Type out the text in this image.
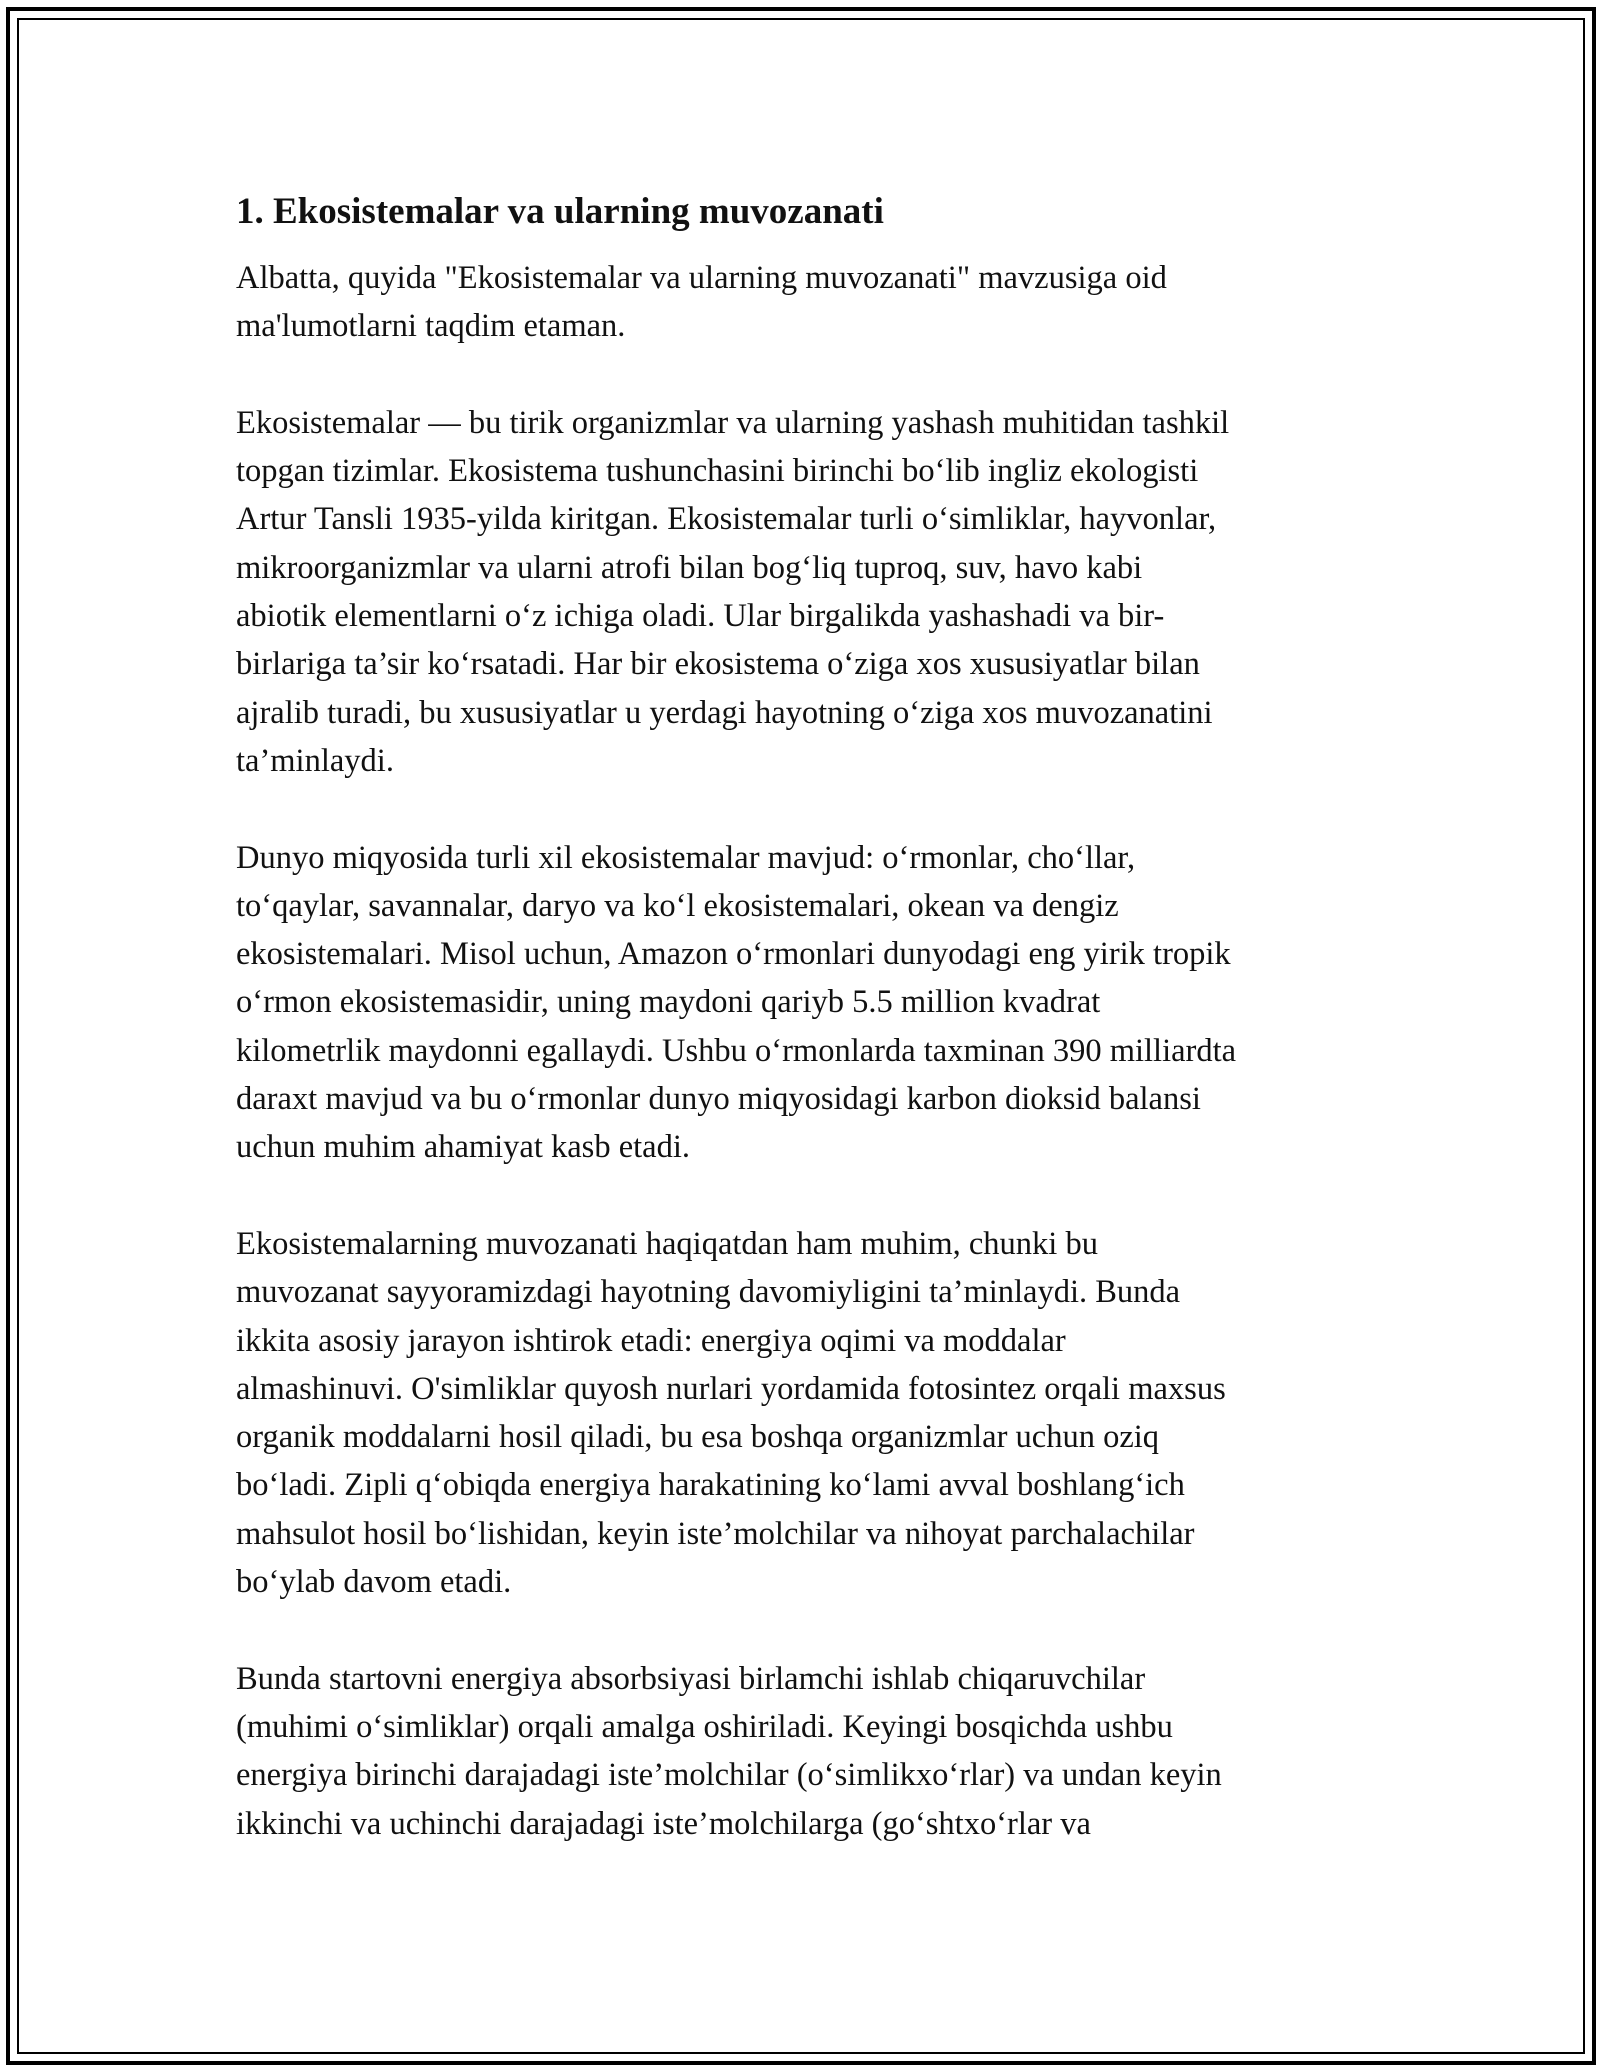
1. Ekosistemalar va ularning muvozanati

Albatta, quyida "Ekosistemalar va ularning muvozanati" mavzusiga oid
ma'lumotlarni taqdim etaman.

Ekosistemalar — bu tirik organizmlar va ularning yashash muhitidan tashkil
topgan tizimlar. Ekosistema tushunchasini birinchi bo‘lib ingliz ekologisti
Artur Tansli 1935-yilda kiritgan. Ekosistemalar turli o‘simliklar, hayvonlar,
mikroorganizmlar va ularni atrofi bilan bog‘liq tuproq, suv, havo kabi
abiotik elementlarni o‘z ichiga oladi. Ular birgalikda yashashadi va bir-
birlariga ta’sir ko‘rsatadi. Har bir ekosistema o‘ziga xos xususiyatlar bilan
ajralib turadi, bu xususiyatlar u yerdagi hayotning o‘ziga xos muvozanatini
ta’minlaydi.

Dunyo miqyosida turli xil ekosistemalar mavjud: o‘rmonlar, cho‘llar,
to‘qaylar, savannalar, daryo va ko‘l ekosistemalari, okean va dengiz
ekosistemalari. Misol uchun, Amazon o‘rmonlari dunyodagi eng yirik tropik
o‘rmon ekosistemasidir, uning maydoni qariyb 5.5 million kvadrat
kilometrlik maydonni egallaydi. Ushbu o‘rmonlarda taxminan 390 milliardta
daraxt mavjud va bu o‘rmonlar dunyo miqyosidagi karbon dioksid balansi
uchun muhim ahamiyat kasb etadi.

Ekosistemalarning muvozanati haqiqatdan ham muhim, chunki bu
muvozanat sayyoramizdagi hayotning davomiyligini ta’minlaydi. Bunda
ikkita asosiy jarayon ishtirok etadi: energiya oqimi va moddalar
almashinuvi. O'simliklar quyosh nurlari yordamida fotosintez orqali maxsus
organik moddalarni hosil qiladi, bu esa boshqa organizmlar uchun oziq
bo‘ladi. Zipli q‘obiqda energiya harakatining ko‘lami avval boshlang‘ich
mahsulot hosil bo‘lishidan, keyin iste’molchilar va nihoyat parchalachilar
bo‘ylab davom etadi.

Bunda startovni energiya absorbsiyasi birlamchi ishlab chiqaruvchilar
(muhimi o‘simliklar) orqali amalga oshiriladi. Keyingi bosqichda ushbu
energiya birinchi darajadagi iste’molchilar (o‘simlikxo‘rlar) va undan keyin
ikkinchi va uchinchi darajadagi iste’molchilarga (go‘shtxo‘rlar va
